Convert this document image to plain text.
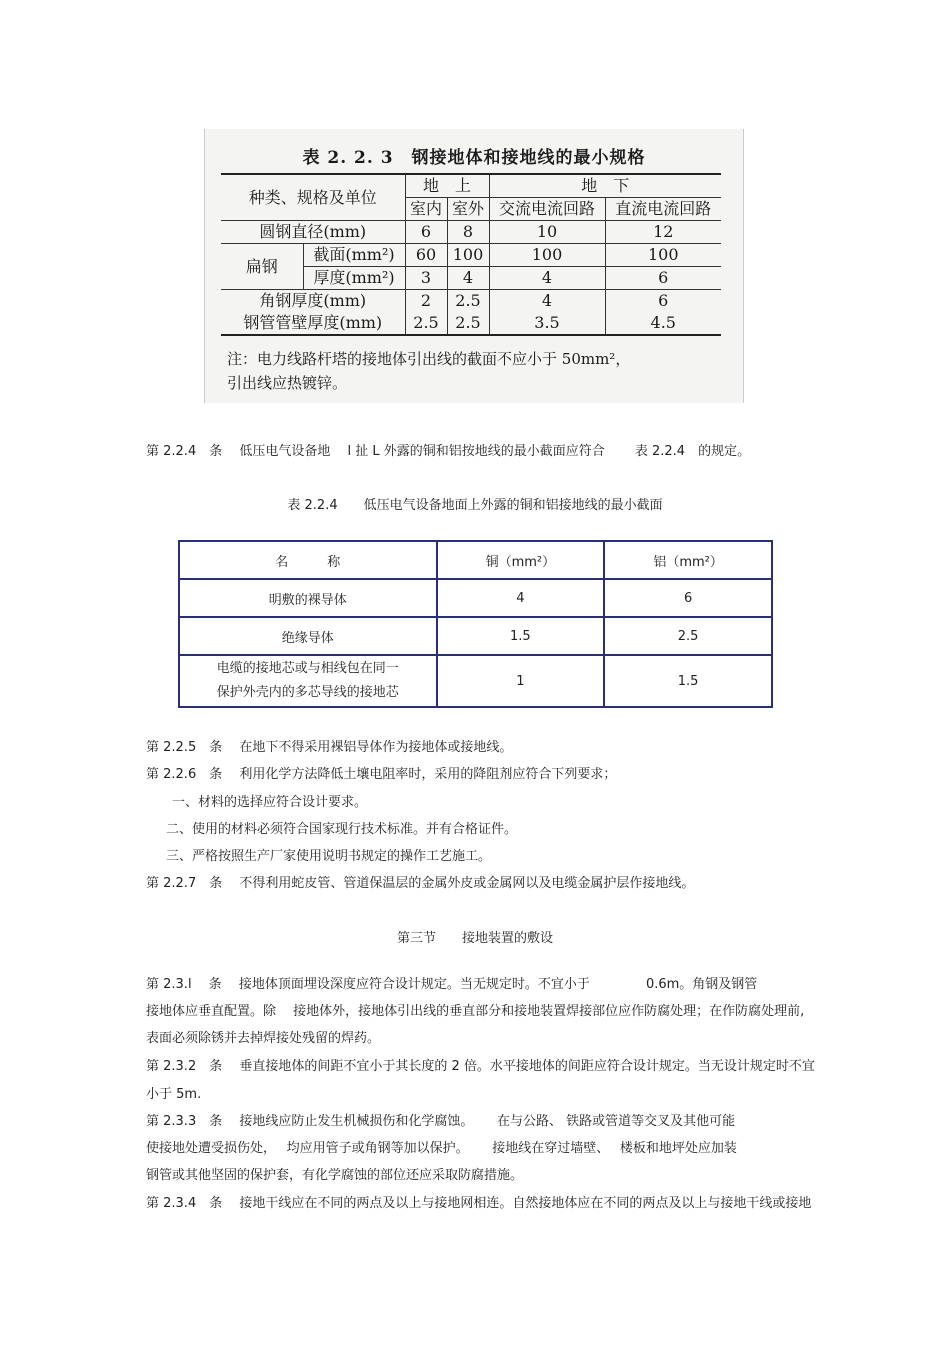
表 2. 2. 3　钢接地体和接地线的最小规格
种类、规格及单位		地　上		地　下	
		室内	室外	交流电流回路	直流电流回路
圆钢直径(mm)		6	8	10	12
扁钢	截面(mm²)	60	100	100	100
	厚度(mm²)	3	4	4	6
角钢厚度(mm)		2	2.5	4	6
钢管管壁厚度(mm)		2.5	2.5	3.5	4.5
注：电力线路杆塔的接地体引出线的截面不应小于 50mm²，
引出线应热镀锌。
第 2.2.4　条　 低压电气设备地　 l 扯 L 外露的铜和铝按地线的最小截面应符合　　 表 2.2.4　的规定。
表 2.2.4　　低压电气设备地面上外露的铜和铝接地线的最小截面
名　　　称	铜（mm²）	铝（mm²）
明敷的裸导体	4	6
绝缘导体	1.5	2.5

电缆的接地芯或与相线包在同一
保护外壳内的多芯导线的接地芯	1	1.5
第 2.2.5　条　 在地下不得采用裸铝导体作为接地体或接地线。
第 2.2.6　条　 利用化学方法降低土壤电阻率时，采用的降阻剂应符合下列要求；
一、材料的选择应符合设计要求。
二、使用的材料必须符合国家现行技术标准。并有合格证件。
三、严格按照生产厂家使用说明书规定的操作工艺施工。
第 2.2.7　条　 不得利用蛇皮管、管道保温层的金属外皮或金属网以及电缆金属护层作接地线。
第三节　　接地装置的敷设
第 2.3.l　 条　 接地体顶面埋设深度应符合设计规定。当无规定时。不宜小于　　　　 0.6m。角钢及钢管
接地体应垂直配置。除　 接地体外，接地体引出线的垂直部分和接地装置焊接部位应作防腐处理；在作防腐处理前,
表面必须除锈并去掉焊接处残留的焊药。
第 2.3.2　条　 垂直接地体的间距不宜小于其长度的 2 倍。水平接地体的间距应符合设计规定。当无设计规定时不宜
小于 5m.
第 2.3.3　条　 接地线应防止发生机械损伤和化学腐蚀。　　 在与公路、 铁路或管道等交叉及其他可能
使接地处遭受损伤处，　 均应用管子或角钢等加以保护。　　 接地线在穿过墙壁、　 楼板和地坪处应加装
钢管或其他坚固的保护套，有化学腐蚀的部位还应采取防腐措施。
第 2.3.4　条　 接地干线应在不同的两点及以上与接地网相连。自然接地体应在不同的两点及以上与接地干线或接地
